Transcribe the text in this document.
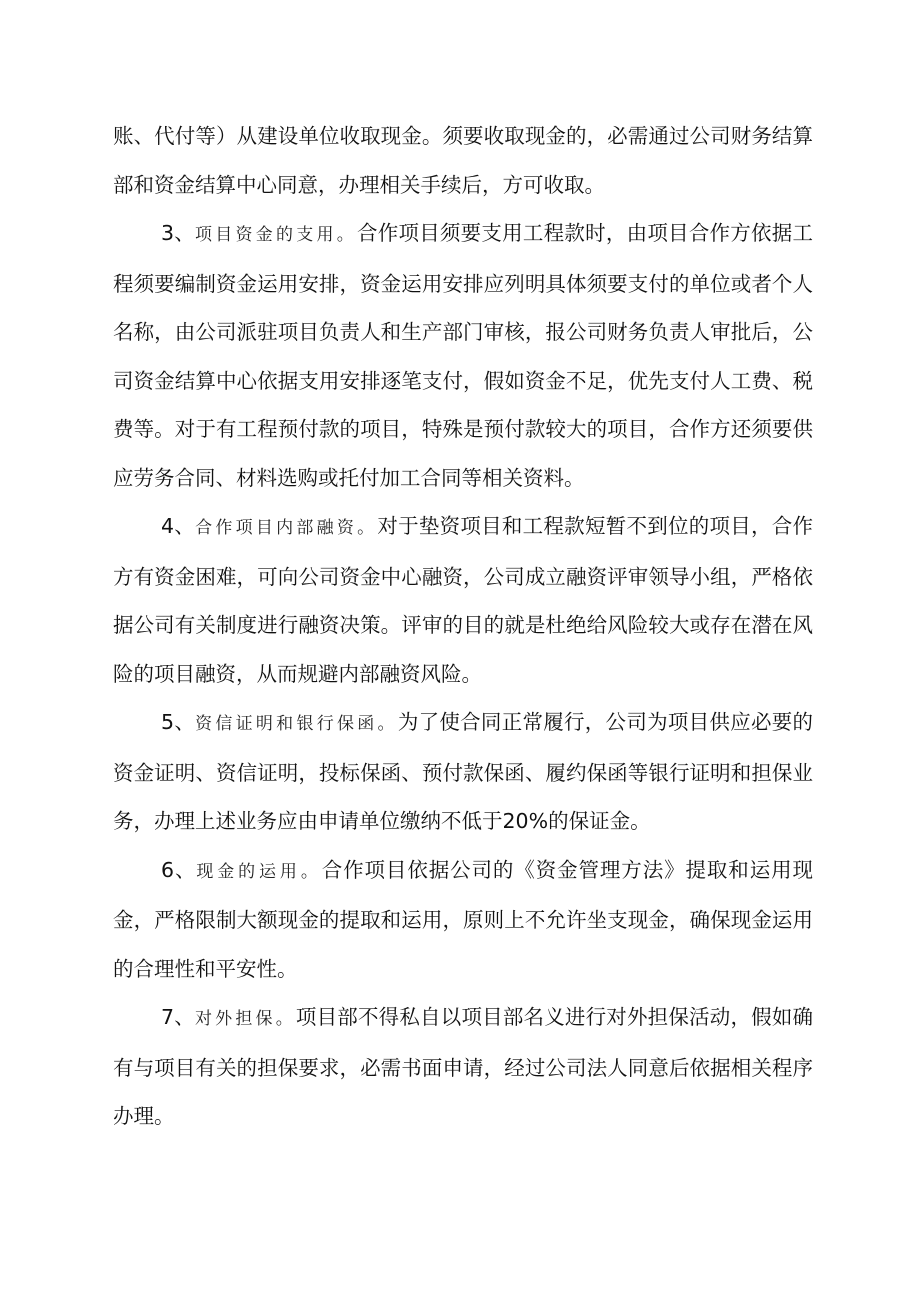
账、代付等）从建设单位收取现金。须要收取现金的，必需通过公司财务结算部和资金结算中心同意，办理相关手续后，方可收取。

3、项目资金的支用。合作项目须要支用工程款时，由项目合作方依据工程须要编制资金运用安排，资金运用安排应列明具体须要支付的单位或者个人名称，由公司派驻项目负责人和生产部门审核，报公司财务负责人审批后，公司资金结算中心依据支用安排逐笔支付，假如资金不足，优先支付人工费、税费等。对于有工程预付款的项目，特殊是预付款较大的项目，合作方还须要供应劳务合同、材料选购或托付加工合同等相关资料。

4、合作项目内部融资。对于垫资项目和工程款短暂不到位的项目，合作方有资金困难，可向公司资金中心融资，公司成立融资评审领导小组，严格依据公司有关制度进行融资决策。评审的目的就是杜绝给风险较大或存在潜在风险的项目融资，从而规避内部融资风险。

5、资信证明和银行保函。为了使合同正常履行，公司为项目供应必要的资金证明、资信证明，投标保函、预付款保函、履约保函等银行证明和担保业务，办理上述业务应由申请单位缴纳不低于20%的保证金。

6、现金的运用。合作项目依据公司的《资金管理方法》提取和运用现金，严格限制大额现金的提取和运用，原则上不允许坐支现金，确保现金运用的合理性和平安性。

7、对外担保。项目部不得私自以项目部名义进行对外担保活动，假如确有与项目有关的担保要求，必需书面申请，经过公司法人同意后依据相关程序办理。
